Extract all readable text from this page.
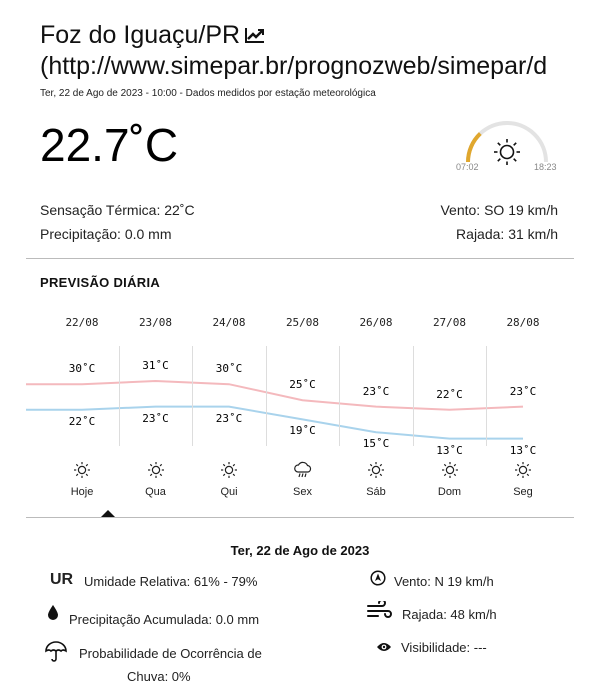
Foz do Iguaçu/PR
(http://www.simepar.br/prognozweb/simepar/d
Ter, 22 de Ago de 2023 - 10:00 - Dados medidos por estação meteorológica
22.7˚C	07:02	18:23
Sensação Térmica: 22˚C
Precipitação: 0.0 mm
Vento: SO 19 km/h
Rajada: 31 km/h
PREVISÃO DIÁRIA
22/08
30˚C
22˚C
Hoje
23/08
31˚C
23˚C
Qua
24/08
30˚C
23˚C
Qui
25/08
25˚C
19˚C
Sex
26/08
23˚C
15˚C
Sáb
27/08
22˚C
13˚C
Dom
28/08
23˚C
13˚C
Seg
Ter, 22 de Ago de 2023
UR Umidade Relativa: 61% - 79%
Precipitação Acumulada: 0.0 mm
Probabilidade de Ocorrência de
Chuva: 0%
Vento: N 19 km/h
Rajada: 48 km/h
Visibilidade: ---
